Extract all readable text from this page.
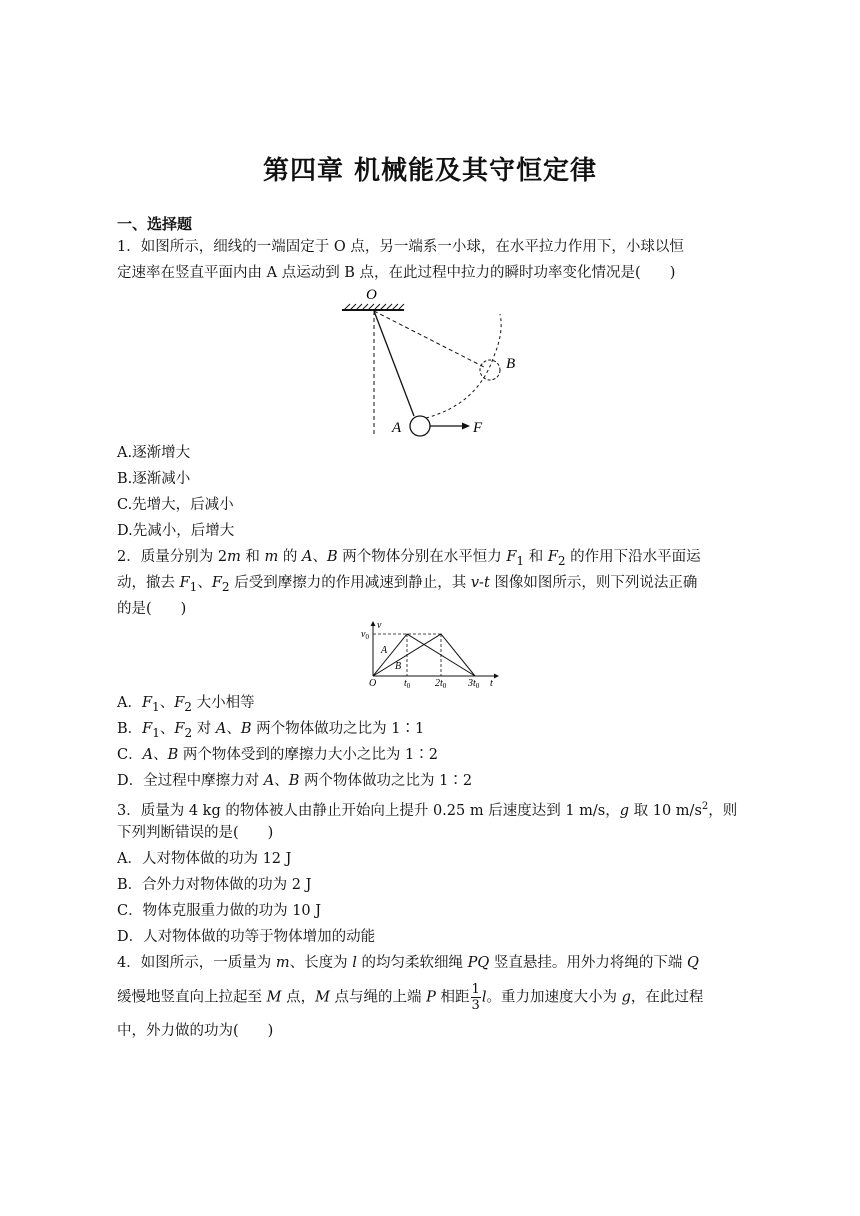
第四章 机械能及其守恒定律
一、选择题
1．如图所示，细线的一端固定于 O 点，另一端系一小球，在水平拉力作用下，小球以恒
定速率在竖直平面内由 A 点运动到 B 点，在此过程中拉力的瞬时功率变化情况是(　　)
O
A
B
F
A.逐渐增大
B.逐渐减小
C.先增大，后减小
D.先减小，后增大
2．质量分别为 2m 和 m 的 A、B 两个物体分别在水平恒力 $F_1$ 和 $F_2$ 的作用下沿水平面运
动，撤去 $F_1$、$F_2$ 后受到摩擦力的作用减速到静止，其 v-t 图像如图所示，则下列说法正确
的是(　　)
v
$v_0$
A
B
O	$t_0$ $2t_0$ $3t_0$ t
A．$F_1$、$F_2$ 大小相等
B．$F_1$、$F_2$ 对 A、B 两个物体做功之比为 1∶1
C．A、B 两个物体受到的摩擦力大小之比为 1∶2
D．全过程中摩擦力对 A、B 两个物体做功之比为 1∶2
3．质量为 4 kg 的物体被人由静止开始向上提升 0.25 m 后速度达到 1 m/s，g 取 10 $m/s^2$，则
下列判断错误的是(　　)
A．人对物体做的功为 12 J
B．合外力对物体做的功为 2 J
C．物体克服重力做的功为 10 J
D．人对物体做的功等于物体增加的动能
4．如图所示，一质量为 m、长度为 l 的均匀柔软细绳 PQ 竖直悬挂。用外力将绳的下端 Q
缓慢地竖直向上拉起至 M 点，M 点与绳的上端 P 相距 $\frac{1}{3}$ l。重力加速度大小为 g，在此过程
中，外力做的功为(　　)
